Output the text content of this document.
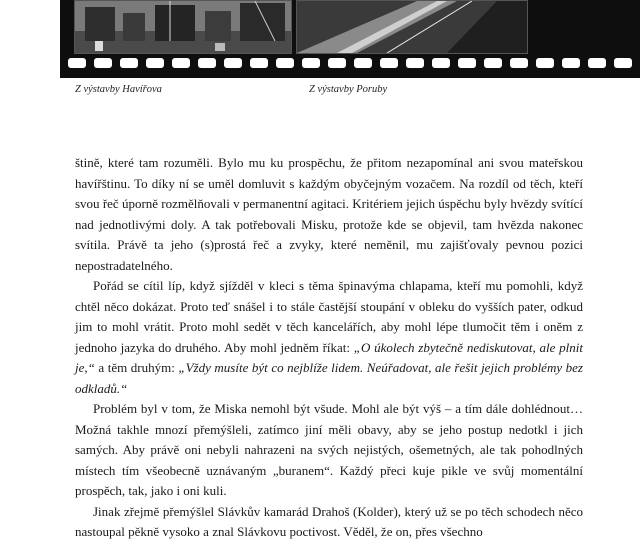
Z výstavby Havířova	Z výstavby Poruby

štině, které tam rozuměli. Bylo mu ku prospěchu, že přitom nezapomínal ani svou mateřskou havířštinu. To díky ní se uměl domluvit s každým obyčejným vozačem. Na rozdíl od těch, kteří svou řeč úporně rozmělňovali v permanentní agitaci. Kritériem jejich úspěchu byly hvězdy svítící nad jednotlivými doly. A tak potřebovali Misku, protože kde se objevil, tam hvězda nakonec svítila. Právě ta jeho (s)prostá řeč a zvyky, které neměnil, mu zajišťovaly pevnou pozici nepostradatelného.

Pořád se cítil líp, když sjížděl v kleci s těma špinavýma chlapama, kteří mu pomohli, když chtěl něco dokázat. Proto teď snášel i to stále častější stoupání v obleku do vyšších pater, odkud jim to mohl vrátit. Proto mohl sedět v těch kancelářích, aby mohl lépe tlumočit těm i oněm z jednoho jazyka do druhého. Aby mohl jedněm říkat: „O úkolech zbytečně nediskutovat, ale plnit je,“ a těm druhým: „Vždy musíte být co nejblíže lidem. Neúřadovat, ale řešit jejich problémy bez odkladů.“

Problém byl v tom, že Miska nemohl být všude. Mohl ale být výš – a tím dále dohlédnout… Možná takhle mnozí přemýšleli, zatímco jiní měli obavy, aby se jeho postup nedotkl i jich samých. Aby právě oni nebyli nahrazeni na svých nejistých, ošemetných, ale tak pohodlných místech tím všeobecně uznávaným „buranem“. Každý přeci kuje pikle ve svůj momentální prospěch, tak, jako i oni kuli.

Jinak zřejmě přemýšlel Slávkův kamarád Drahoš (Kolder), který už se po těch schodech něco nastoupal pěkně vysoko a znal Slávkovu poctivost. Věděl, že on, přes všechno
